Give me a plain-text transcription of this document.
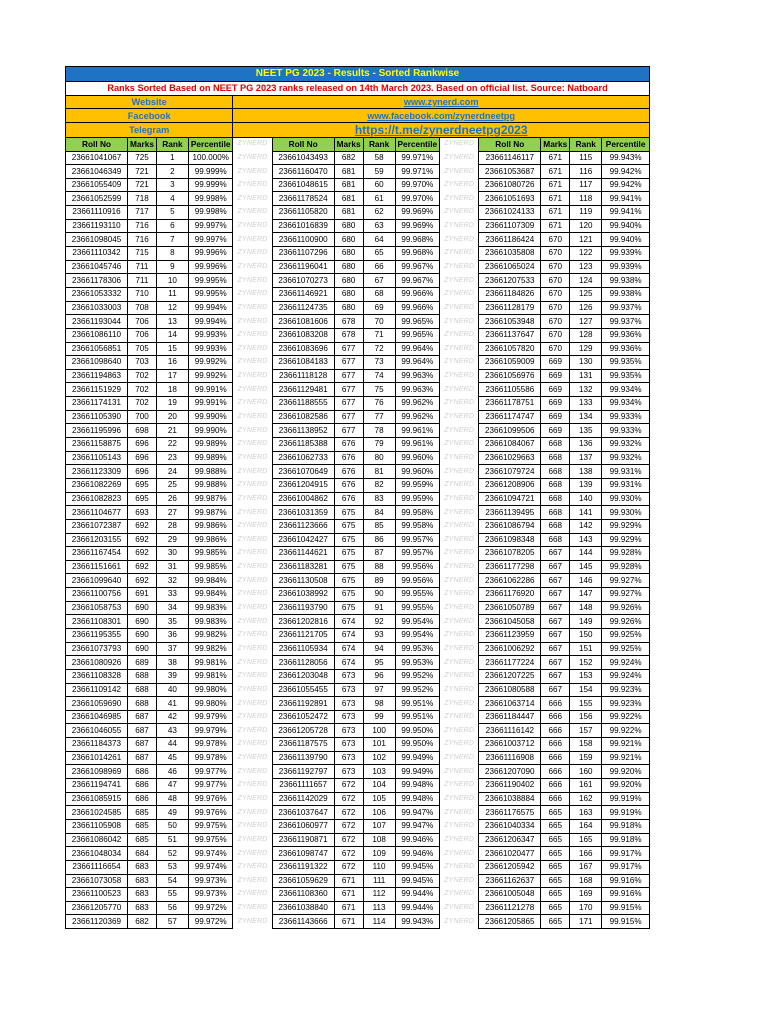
NEET PG 2023 - Results - Sorted Rankwise													
Ranks Sorted Based on NEET PG 2023 ranks released on 14th March 2023. Based on official list. Source: Natboard													
Website				www.zynerd.com									
Facebook				www.facebook.com/zynerdneetpg									
Telegram				https://t.me/zynerdneetpg2023									
Roll No	Marks	Rank	Percentile	ZYNERD	Roll No	Marks	Rank	Percentile	ZYNERD	Roll No	Marks	Rank	Percentile
23661041067	725	1	100.000%	ZYNERD	23661043493	682	58	99.971%	ZYNERD	23661146117	671	115	99.943%
23661046349	721	2	99.999%	ZYNERD	23661160470	681	59	99.971%	ZYNERD	23661053687	671	116	99.942%
23661055409	721	3	99.999%	ZYNERD	23661048615	681	60	99.970%	ZYNERD	23661080726	671	117	99.942%
23661052599	718	4	99.998%	ZYNERD	23661178524	681	61	99.970%	ZYNERD	23661051693	671	118	99.941%
23661110916	717	5	99.998%	ZYNERD	23661105820	681	62	99.969%	ZYNERD	23661024133	671	119	99.941%
23661193110	716	6	99.997%	ZYNERD	23661016839	680	63	99.969%	ZYNERD	23661107309	671	120	99.940%
23661098045	716	7	99.997%	ZYNERD	23661100900	680	64	99.968%	ZYNERD	23661186424	670	121	99.940%
23661110342	715	8	99.996%	ZYNERD	23661107296	680	65	99.968%	ZYNERD	23661035808	670	122	99.939%
23661045746	711	9	99.996%	ZYNERD	23661196041	680	66	99.967%	ZYNERD	23661065024	670	123	99.939%
23661178306	711	10	99.995%	ZYNERD	23661070273	680	67	99.967%	ZYNERD	23661207533	670	124	99.938%
23661053332	710	11	99.995%	ZYNERD	23661146921	680	68	99.966%	ZYNERD	23661184826	670	125	99.938%
23661033003	708	12	99.994%	ZYNERD	23661124735	680	69	99.966%	ZYNERD	23661128179	670	126	99.937%
23661193044	706	13	99.994%	ZYNERD	23661081606	678	70	99.965%	ZYNERD	23661053948	670	127	99.937%
23661086110	706	14	99.993%	ZYNERD	23661083208	678	71	99.965%	ZYNERD	23661137647	670	128	99.936%
23661056851	705	15	99.993%	ZYNERD	23661083696	677	72	99.964%	ZYNERD	23661057820	670	129	99.936%
23661098640	703	16	99.992%	ZYNERD	23661084183	677	73	99.964%	ZYNERD	23661059009	669	130	99.935%
23661194863	702	17	99.992%	ZYNERD	23661118128	677	74	99.963%	ZYNERD	23661056976	669	131	99.935%
23661151929	702	18	99.991%	ZYNERD	23661129481	677	75	99.963%	ZYNERD	23661105586	669	132	99.934%
23661174131	702	19	99.991%	ZYNERD	23661188555	677	76	99.962%	ZYNERD	23661178751	669	133	99.934%
23661105390	700	20	99.990%	ZYNERD	23661082586	677	77	99.962%	ZYNERD	23661174747	669	134	99.933%
23661195996	698	21	99.990%	ZYNERD	23661138952	677	78	99.961%	ZYNERD	23661099506	669	135	99.933%
23661158875	696	22	99.989%	ZYNERD	23661185388	676	79	99.961%	ZYNERD	23661084067	668	136	99.932%
23661105143	696	23	99.989%	ZYNERD	23661062733	676	80	99.960%	ZYNERD	23661029663	668	137	99.932%
23661123309	696	24	99.988%	ZYNERD	23661070649	676	81	99.960%	ZYNERD	23661079724	668	138	99.931%
23661082269	695	25	99.988%	ZYNERD	23661204915	676	82	99.959%	ZYNERD	23661208906	668	139	99.931%
23661082823	695	26	99.987%	ZYNERD	23661004862	676	83	99.959%	ZYNERD	23661094721	668	140	99.930%
23661104677	693	27	99.987%	ZYNERD	23661031359	675	84	99.958%	ZYNERD	23661139495	668	141	99.930%
23661072387	692	28	99.986%	ZYNERD	23661123666	675	85	99.958%	ZYNERD	23661086794	668	142	99.929%
23661203155	692	29	99.986%	ZYNERD	23661042427	675	86	99.957%	ZYNERD	23661098348	668	143	99.929%
23661167454	692	30	99.985%	ZYNERD	23661144621	675	87	99.957%	ZYNERD	23661078205	667	144	99.928%
23661151661	692	31	99.985%	ZYNERD	23661183281	675	88	99.956%	ZYNERD	23661177298	667	145	99.928%
23661099640	692	32	99.984%	ZYNERD	23661130508	675	89	99.956%	ZYNERD	23661062286	667	146	99.927%
23661100756	691	33	99.984%	ZYNERD	23661038992	675	90	99.955%	ZYNERD	23661176920	667	147	99.927%
23661058753	690	34	99.983%	ZYNERD	23661193790	675	91	99.955%	ZYNERD	23661050789	667	148	99.926%
23661108301	690	35	99.983%	ZYNERD	23661202816	674	92	99.954%	ZYNERD	23661045058	667	149	99.926%
23661195355	690	36	99.982%	ZYNERD	23661121705	674	93	99.954%	ZYNERD	23661123959	667	150	99.925%
23661073793	690	37	99.982%	ZYNERD	23661105934	674	94	99.953%	ZYNERD	23661006292	667	151	99.925%
23661080926	689	38	99.981%	ZYNERD	23661128056	674	95	99.953%	ZYNERD	23661177224	667	152	99.924%
23661108328	688	39	99.981%	ZYNERD	23661203048	673	96	99.952%	ZYNERD	23661207225	667	153	99.924%
23661109142	688	40	99.980%	ZYNERD	23661055455	673	97	99.952%	ZYNERD	23661080588	667	154	99.923%
23661059690	688	41	99.980%	ZYNERD	23661192891	673	98	99.951%	ZYNERD	23661063714	666	155	99.923%
23661046985	687	42	99.979%	ZYNERD	23661052472	673	99	99.951%	ZYNERD	23661184447	666	156	99.922%
23661046055	687	43	99.979%	ZYNERD	23661205728	673	100	99.950%	ZYNERD	23661116142	666	157	99.922%
23661184373	687	44	99.978%	ZYNERD	23661187575	673	101	99.950%	ZYNERD	23661003712	666	158	99.921%
23661014261	687	45	99.978%	ZYNERD	23661139790	673	102	99.949%	ZYNERD	23661116908	666	159	99.921%
23661098969	686	46	99.977%	ZYNERD	23661192797	673	103	99.949%	ZYNERD	23661207090	666	160	99.920%
23661194741	686	47	99.977%	ZYNERD	23661111657	672	104	99.948%	ZYNERD	23661190402	666	161	99.920%
23661085915	686	48	99.976%	ZYNERD	23661142029	672	105	99.948%	ZYNERD	23661038884	666	162	99.919%
23661024585	685	49	99.976%	ZYNERD	23661037647	672	106	99.947%	ZYNERD	23661176575	665	163	99.919%
23661105908	685	50	99.975%	ZYNERD	23661060977	672	107	99.947%	ZYNERD	23661040334	665	164	99.918%
23661086042	685	51	99.975%	ZYNERD	23661190871	672	108	99.946%	ZYNERD	23661206347	665	165	99.918%
23661048034	684	52	99.974%	ZYNERD	23661098747	672	109	99.946%	ZYNERD	23661020477	665	166	99.917%
23661116654	683	53	99.974%	ZYNERD	23661191322	672	110	99.945%	ZYNERD	23661205942	665	167	99.917%
23661073058	683	54	99.973%	ZYNERD	23661059629	671	111	99.945%	ZYNERD	23661162637	665	168	99.916%
23661100523	683	55	99.973%	ZYNERD	23661108360	671	112	99.944%	ZYNERD	23661005048	665	169	99.916%
23661205770	683	56	99.972%	ZYNERD	23661038840	671	113	99.944%	ZYNERD	23661121278	665	170	99.915%
23661120369	682	57	99.972%	ZYNERD	23661143666	671	114	99.943%	ZYNERD	23661205865	665	171	99.915%
